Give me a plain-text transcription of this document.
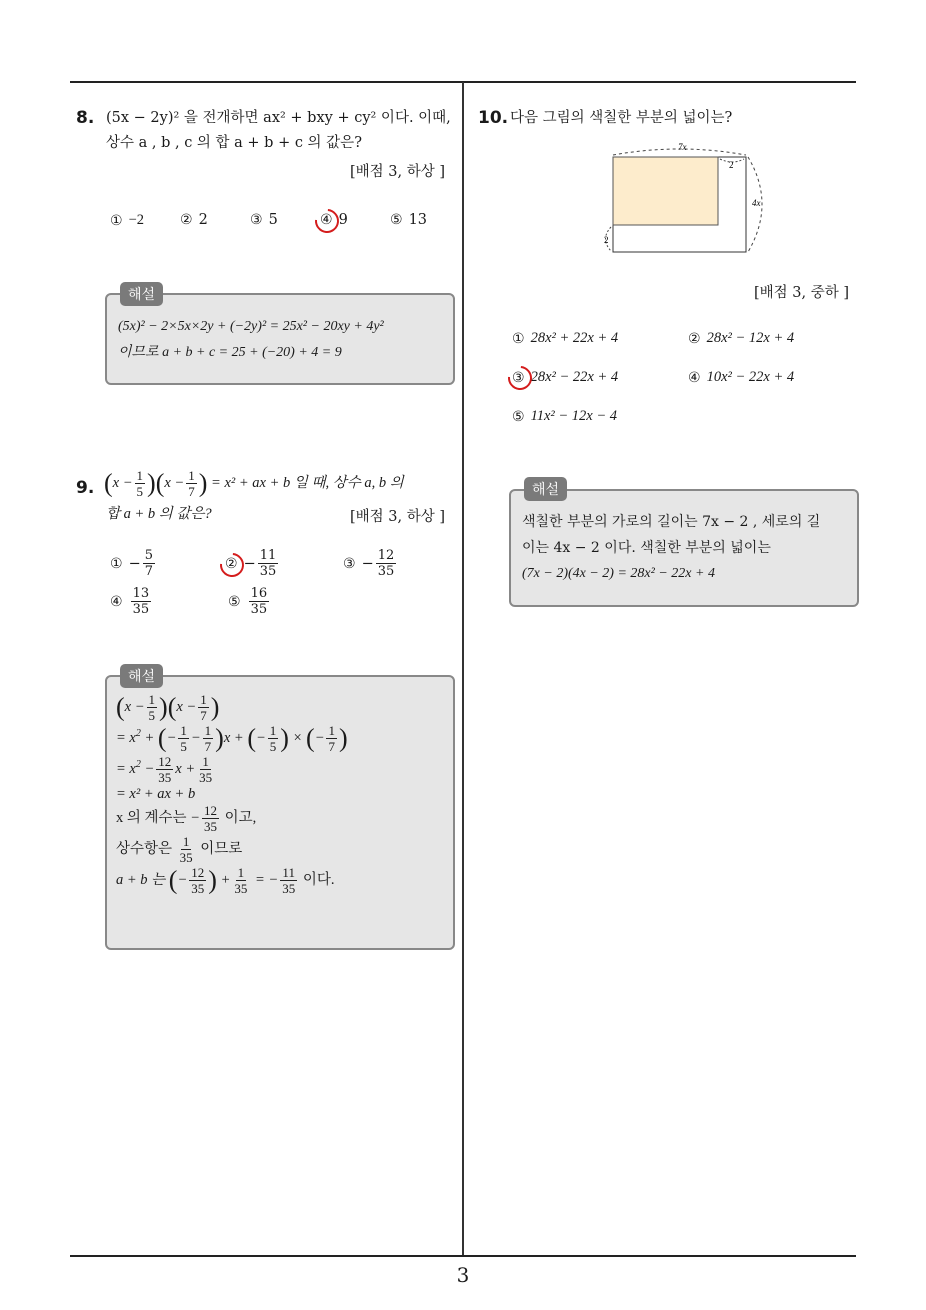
3
8. (5x − 2y)² 을 전개하면 ax² + bxy + cy² 이다. 이때,
상수 a , b , c 의 합 a + b + c 의 값은?
[배점 3, 하상 ]
① −2	② 2	③ 5	④ 9	⑤ 13
해설
(5x)² − 2×5x×2y + (−2y)² = 25x² − 20xy + 4y²
이므로 a + b + c = 25 + (−20) + 4 = 9
9. $(x - \frac{1}{5} )(x - \frac{1}{7}$ ) = x² + ax + b 일 때, 상수 a, b 의
합 a + b 의 값은?	[배점 3, 하상 ]
① − $\frac{5}{7}$	② − $\frac{11}{35}$	③ − $\frac{12}{35}$
④ $\frac{13}{35}$	⑤ $\frac{16}{35}$
해설
$(x - \frac{1}{5} )(x - \frac{1}{7}$ )
= $x^2$ + (− $\frac{1}{5} - \frac{1}{7} )x$ + (− $\frac{1}{5}$ ) × (− $\frac{1}{7}$ )
= $x^2 - \frac{12}{35}$ $x + \frac{1}{35}$
= x² + ax + b
x 의 계수는 − $\frac{12}{35}$ 이고,
상수항은 $\frac{1}{35}$ 이므로
a + b 는 (− $\frac{12}{35}$ ) + $\frac{1}{35}$ = − $\frac{11}{35}$ 이다.
10. 다음 그림의 색칠한 부분의 넓이는?
7x
2
4x
2
[배점 3, 중하 ]
① 28x² + 22x + 4	② 28x² − 12x + 4
③ 28x² − 22x + 4	④ 10x² − 22x + 4
⑤ 11x² − 12x − 4
해설
색칠한 부분의 가로의 길이는 7x − 2 , 세로의 길
이는 4x − 2 이다. 색칠한 부분의 넓이는
(7x − 2)(4x − 2) = 28x² − 22x + 4
